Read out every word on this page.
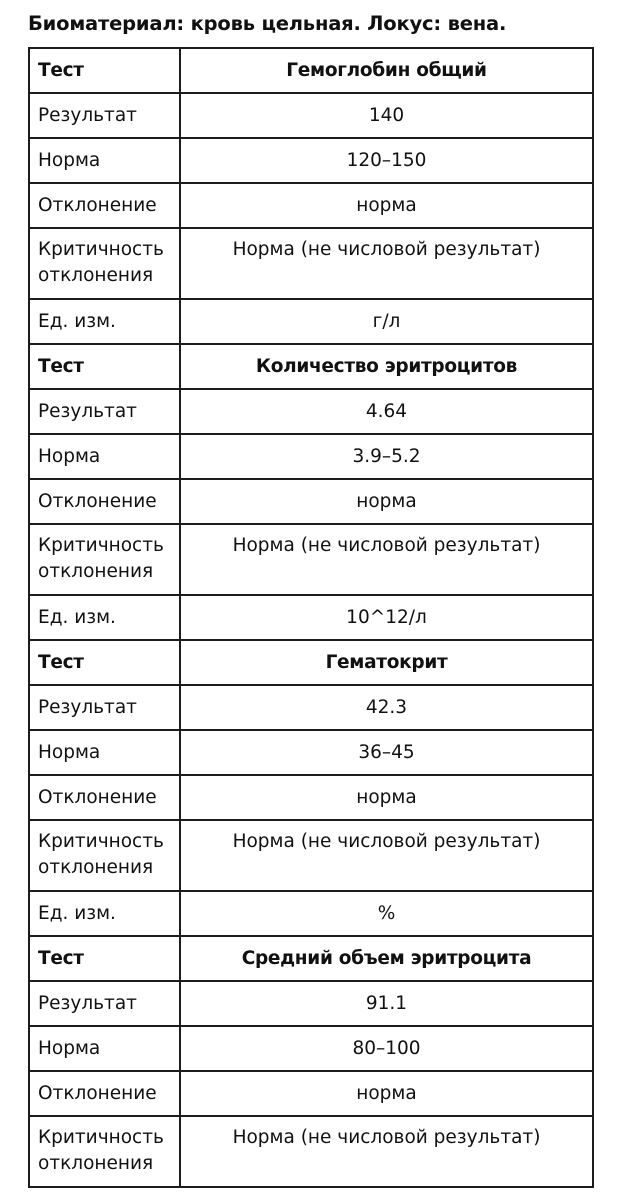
Биоматериал: кровь цельная. Локус: вена.
Тест	Гемоглобин общий
Результат	140
Норма	120–150
Отклонение	норма
Критичность отклонения	Норма (не числовой результат)
Ед. изм.	г/л
Тест	Количество эритроцитов
Результат	4.64
Норма	3.9–5.2
Отклонение	норма
Критичность отклонения	Норма (не числовой результат)
Ед. изм.	10^12/л
Тест	Гематокрит
Результат	42.3
Норма	36–45
Отклонение	норма
Критичность отклонения	Норма (не числовой результат)
Ед. изм.	%
Тест	Средний объем эритроцита
Результат	91.1
Норма	80–100
Отклонение	норма
Критичность отклонения	Норма (не числовой результат)
